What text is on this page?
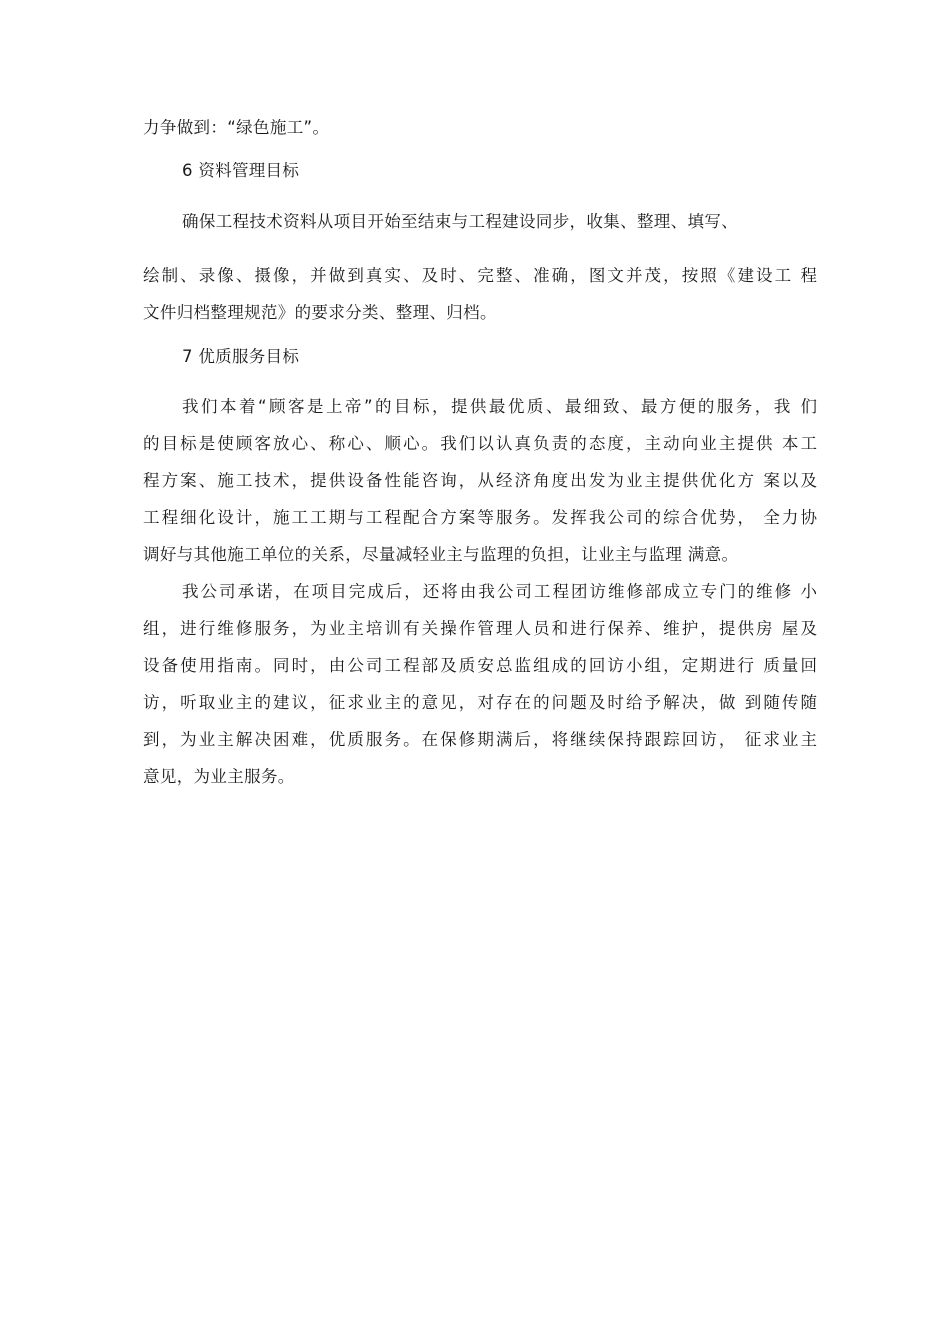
力争做到：“绿色施工”。
6 资料管理目标
确保工程技术资料从项目开始至结束与工程建设同步，收集、整理、填写、
绘制、录像、摄像，并做到真实、及时、完整、准确，图文并茂，按照《建设工 程
文件归档整理规范》的要求分类、整理、归档。
7 优质服务目标
我们本着“顾客是上帝”的目标，提供最优质、最细致、最方便的服务，我 们
的目标是使顾客放心、称心、顺心。我们以认真负责的态度，主动向业主提供 本工
程方案、施工技术，提供设备性能咨询，从经济角度出发为业主提供优化方 案以及
工程细化设计，施工工期与工程配合方案等服务。发挥我公司的综合优势， 全力协
调好与其他施工单位的关系，尽量减轻业主与监理的负担，让业主与监理 满意。
我公司承诺，在项目完成后，还将由我公司工程团访维修部成立专门的维修 小
组，进行维修服务，为业主培训有关操作管理人员和进行保养、维护，提供房 屋及
设备使用指南。同时，由公司工程部及质安总监组成的回访小组，定期进行 质量回
访，听取业主的建议，征求业主的意见，对存在的问题及时给予解决，做 到随传随
到，为业主解决困难，优质服务。在保修期满后，将继续保持跟踪回访， 征求业主
意见，为业主服务。
